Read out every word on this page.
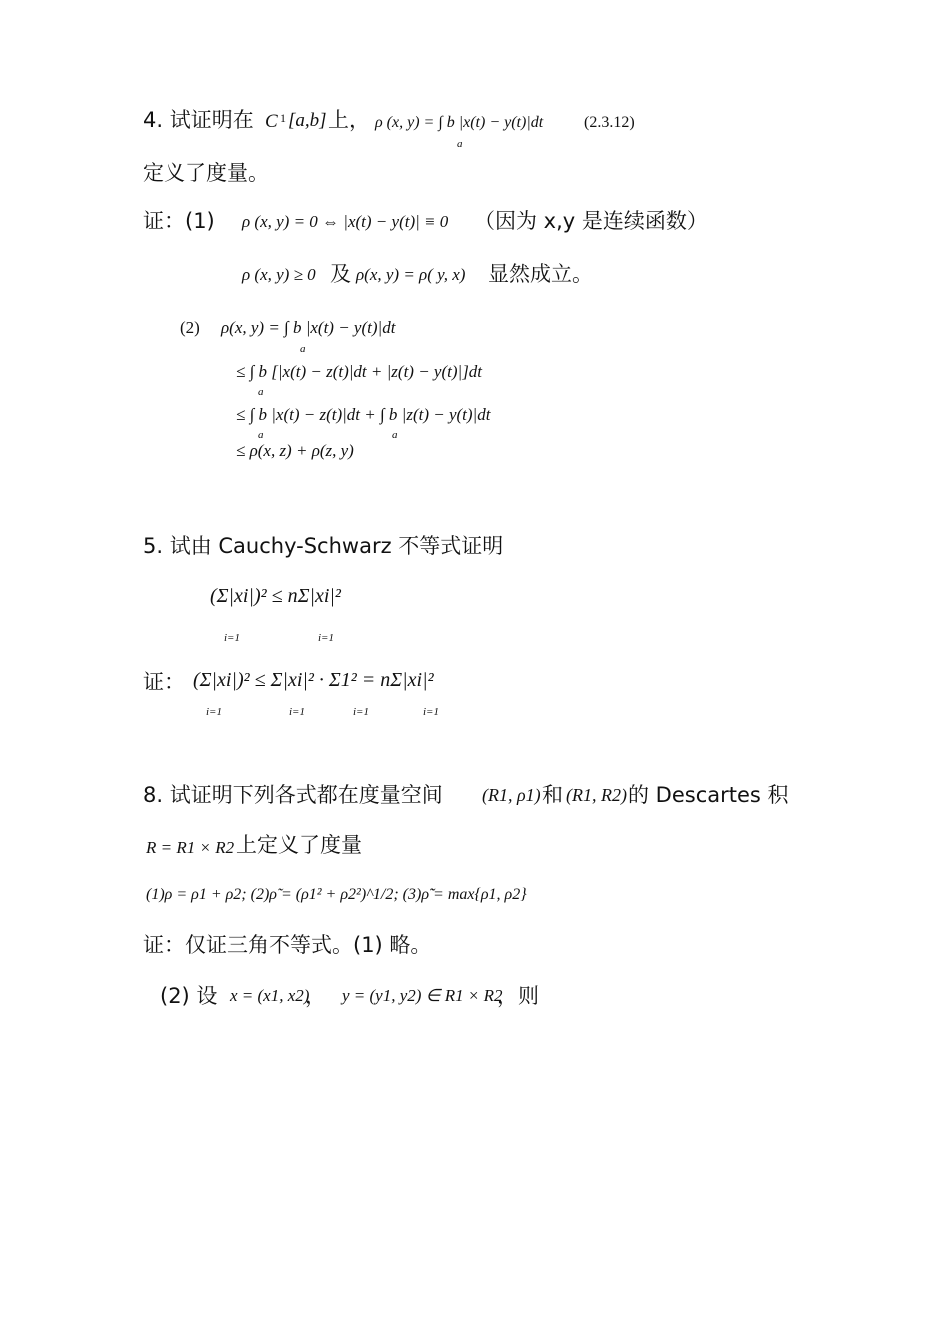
4. 试证明在 C 1 [a,b] 上， ρ (x, y) = ∫ b |x(t) − y(t)|dt
a
(2.3.12)
定义了度量。
证：(1) ρ (x, y) = 0 ⇔ |x(t) − y(t)| ≡ 0 （因为 x,y 是连续函数）
ρ (x, y) ≥ 0 及 ρ(x, y) = ρ( y, x) 显然成立。
(2) ρ(x, y) = ∫ b |x(t) − y(t)|dt
a
≤ ∫ b [|x(t) − z(t)|dt + |z(t) − y(t)|]dt
a
≤ ∫ b |x(t) − z(t)|dt + ∫ b |z(t) − y(t)|dt
a	a
≤ ρ(x, z) + ρ(z, y)
5. 试由 Cauchy-Schwarz 不等式证明
(Σ|xi|)² ≤ nΣ|xi|²
i=1	i=1
证： (Σ|xi|)² ≤ Σ|xi|² · Σ1² = nΣ|xi|²
i=1	i=1	i=1	i=1
8. 试证明下列各式都在度量空间 (R1, ρ1) 和 (R1, R2) 的 Descartes 积
R = R1 × R2 上定义了度量
(1)ρ = ρ1 + ρ2; (2)ρ̃ = (ρ1² + ρ2²)^1/2; (3)ρ̃̃ = max{ρ1, ρ2}
证：仅证三角不等式。(1) 略。
(2) 设 x = (x1, x2)
， y = (y1, y2) ∈ R1 × R2
，则
